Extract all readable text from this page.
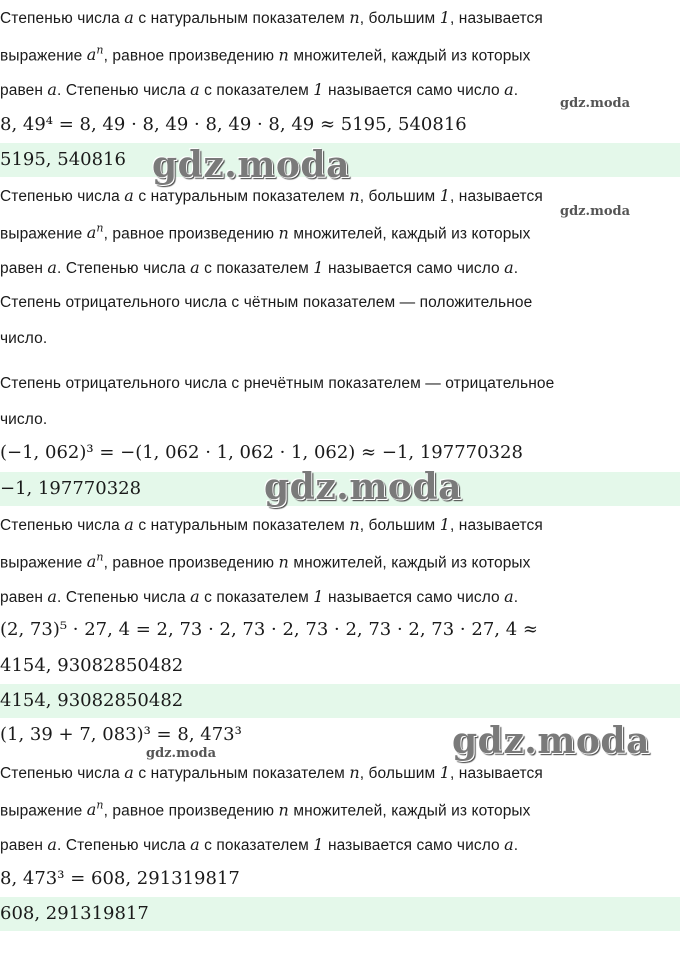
Степенью числа a с натуральным показателем n, большим 1, называется
выражение $a^n$, равное произведению n множителей, каждый из которых
равен a. Степенью числа a с показателем 1 называется само число a.
gdz.moda
8, 49⁴ = 8, 49 · 8, 49 · 8, 49 · 8, 49 ≈ 5195, 540816
5195, 540816 gdz.moda
Степенью числа a с натуральным показателем n, большим 1, называется
gdz.moda
выражение $a^n$, равное произведению n множителей, каждый из которых
равен a. Степенью числа a с показателем 1 называется само число a.
Степень отрицательного числа с чётным показателем — положительное
число.
Степень отрицательного числа с рнечётным показателем — отрицательное
число.
(−1, 062)³ = −(1, 062 · 1, 062 · 1, 062) ≈ −1, 197770328
−1, 197770328	gdz.moda
Степенью числа a с натуральным показателем n, большим 1, называется
выражение $a^n$, равное произведению n множителей, каждый из которых
равен a. Степенью числа a с показателем 1 называется само число a.
(2, 73)⁵ · 27, 4 = 2, 73 · 2, 73 · 2, 73 · 2, 73 · 2, 73 · 27, 4 ≈
4154, 93082850482
4154, 93082850482
(1, 39 + 7, 083)³ = 8, 473³
gdz.moda	gdz.moda
Степенью числа a с натуральным показателем n, большим 1, называется
выражение $a^n$, равное произведению n множителей, каждый из которых
равен a. Степенью числа a с показателем 1 называется само число a.
8, 473³ = 608, 291319817
608, 291319817
